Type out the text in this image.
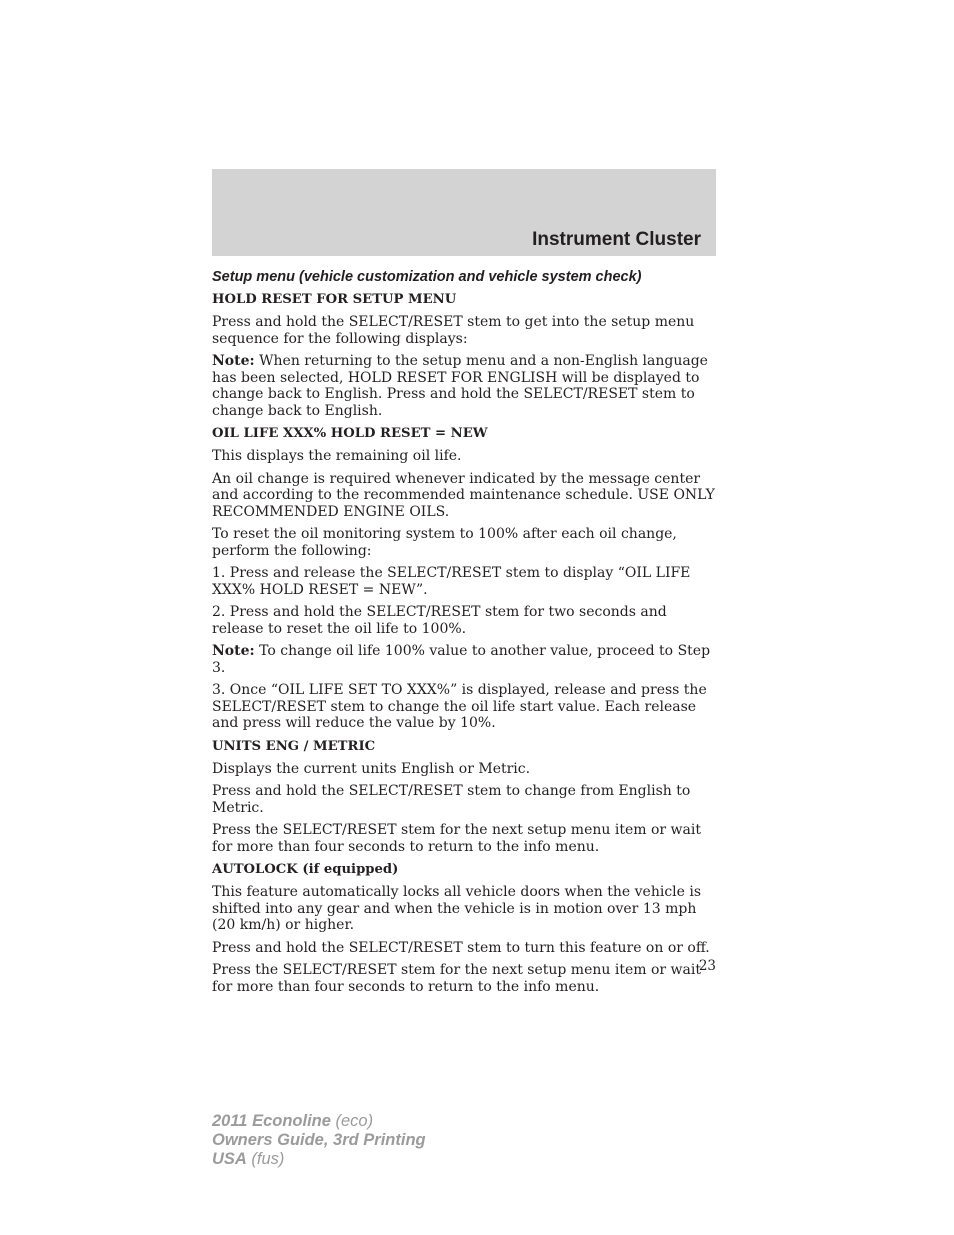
Instrument Cluster
Setup menu (vehicle customization and vehicle system check)
HOLD RESET FOR SETUP MENU

Press and hold the SELECT/RESET stem to get into the setup menu sequence for the following displays:

Note: When returning to the setup menu and a non-English language has been selected, HOLD RESET FOR ENGLISH will be displayed to change back to English. Press and hold the SELECT/RESET stem to change back to English.

OIL LIFE XXX% HOLD RESET = NEW

This displays the remaining oil life.

An oil change is required whenever indicated by the message center and according to the recommended maintenance schedule. USE ONLY RECOMMENDED ENGINE OILS.

To reset the oil monitoring system to 100% after each oil change, perform the following:

1. Press and release the SELECT/RESET stem to display “OIL LIFE XXX% HOLD RESET = NEW”.

2. Press and hold the SELECT/RESET stem for two seconds and release to reset the oil life to 100%.

Note: To change oil life 100% value to another value, proceed to Step 3.

3. Once “OIL LIFE SET TO XXX%” is displayed, release and press the SELECT/RESET stem to change the oil life start value. Each release and press will reduce the value by 10%.

UNITS ENG / METRIC

Displays the current units English or Metric.

Press and hold the SELECT/RESET stem to change from English to Metric.

Press the SELECT/RESET stem for the next setup menu item or wait for more than four seconds to return to the info menu.

AUTOLOCK (if equipped)

This feature automatically locks all vehicle doors when the vehicle is shifted into any gear and when the vehicle is in motion over 13 mph (20 km/h) or higher.

Press and hold the SELECT/RESET stem to turn this feature on or off.

Press the SELECT/RESET stem for the next setup menu item or wait for more than four seconds to return to the info menu.

23
2011 Econoline (eco)
Owners Guide, 3rd Printing
USA (fus)
